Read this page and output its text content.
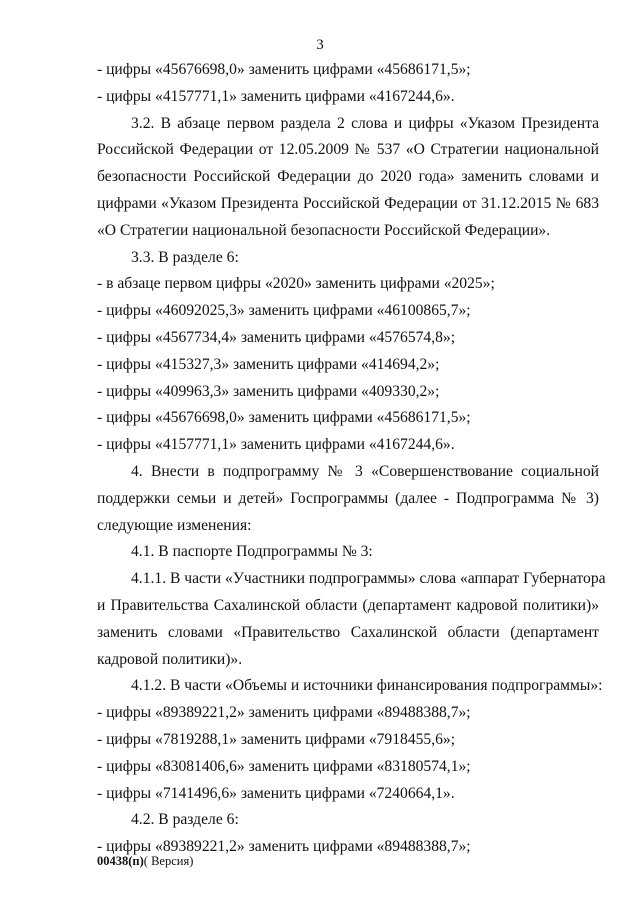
3
- цифры «45676698,0» заменить цифрами «45686171,5»;
- цифры «4157771,1» заменить цифрами «4167244,6».
3.2. В абзаце первом раздела 2 слова и цифры «Указом Президента
Российской Федерации от 12.05.2009 № 537 «О Стратегии национальной
безопасности Российской Федерации до 2020 года» заменить словами и
цифрами «Указом Президента Российской Федерации от 31.12.2015 № 683
«О Стратегии национальной безопасности Российской Федерации».
3.3. В разделе 6:
- в абзаце первом цифры «2020» заменить цифрами «2025»;
- цифры «46092025,3» заменить цифрами «46100865,7»;
- цифры «4567734,4» заменить цифрами «4576574,8»;
- цифры «415327,3» заменить цифрами «414694,2»;
- цифры «409963,3» заменить цифрами «409330,2»;
- цифры «45676698,0» заменить цифрами «45686171,5»;
- цифры «4157771,1» заменить цифрами «4167244,6».
4. Внести в подпрограмму № 3 «Совершенствование социальной
поддержки семьи и детей» Госпрограммы (далее - Подпрограмма № 3)
следующие изменения:
4.1. В паспорте Подпрограммы № 3:
4.1.1. В части «Участники подпрограммы» слова «аппарат Губернатора
и Правительства Сахалинской области (департамент кадровой политики)»
заменить словами «Правительство Сахалинской области (департамент
кадровой политики)».
4.1.2. В части «Объемы и источники финансирования подпрограммы»:
- цифры «89389221,2» заменить цифрами «89488388,7»;
- цифры «7819288,1» заменить цифрами «7918455,6»;
- цифры «83081406,6» заменить цифрами «83180574,1»;
- цифры «7141496,6» заменить цифрами «7240664,1».
4.2. В разделе 6:
- цифры «89389221,2» заменить цифрами «89488388,7»;
00438(п)( Версия)
